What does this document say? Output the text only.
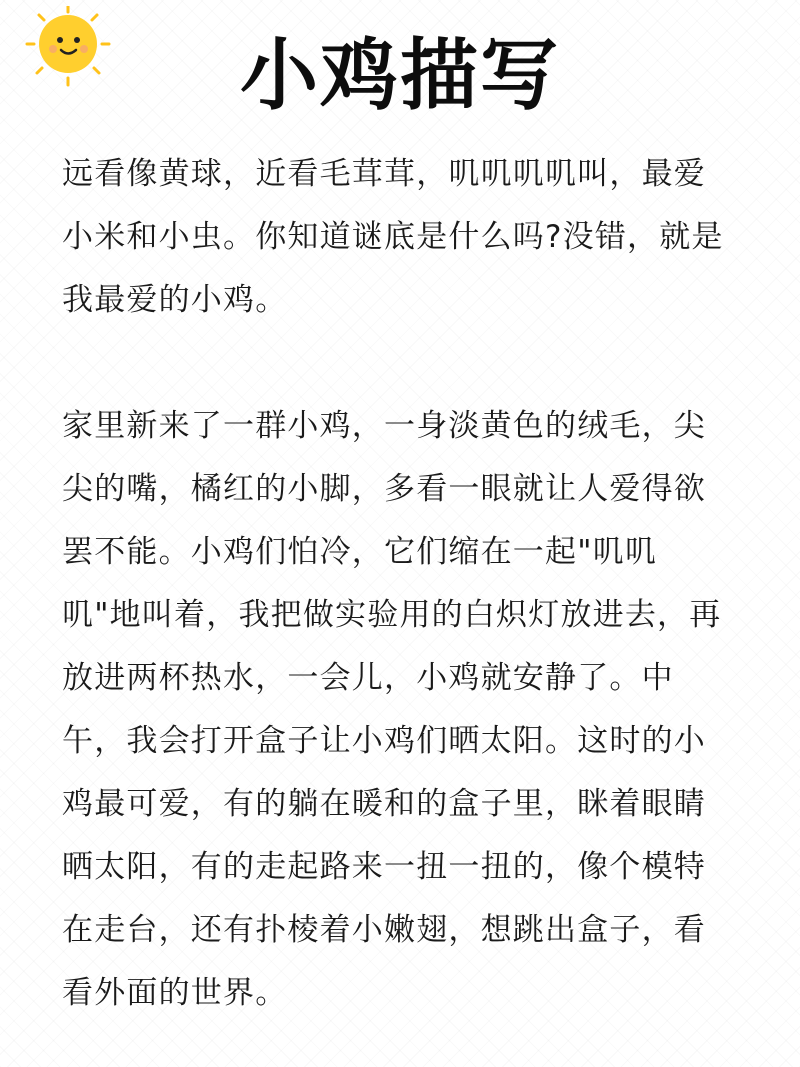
小鸡描写

远看像黄球，近看毛茸茸，叽叽叽叽叫，最爱小米和小虫。你知道谜底是什么吗?没错，就是我最爱的小鸡。

家里新来了一群小鸡，一身淡黄色的绒毛，尖尖的嘴，橘红的小脚，多看一眼就让人爱得欲罢不能。小鸡们怕冷，它们缩在一起"叽叽叽"地叫着，我把做实验用的白炽灯放进去，再放进两杯热水，一会儿，小鸡就安静了。中午，我会打开盒子让小鸡们晒太阳。这时的小鸡最可爱，有的躺在暖和的盒子里，眯着眼睛晒太阳，有的走起路来一扭一扭的，像个模特在走台，还有扑棱着小嫩翅，想跳出盒子，看看外面的世界。
